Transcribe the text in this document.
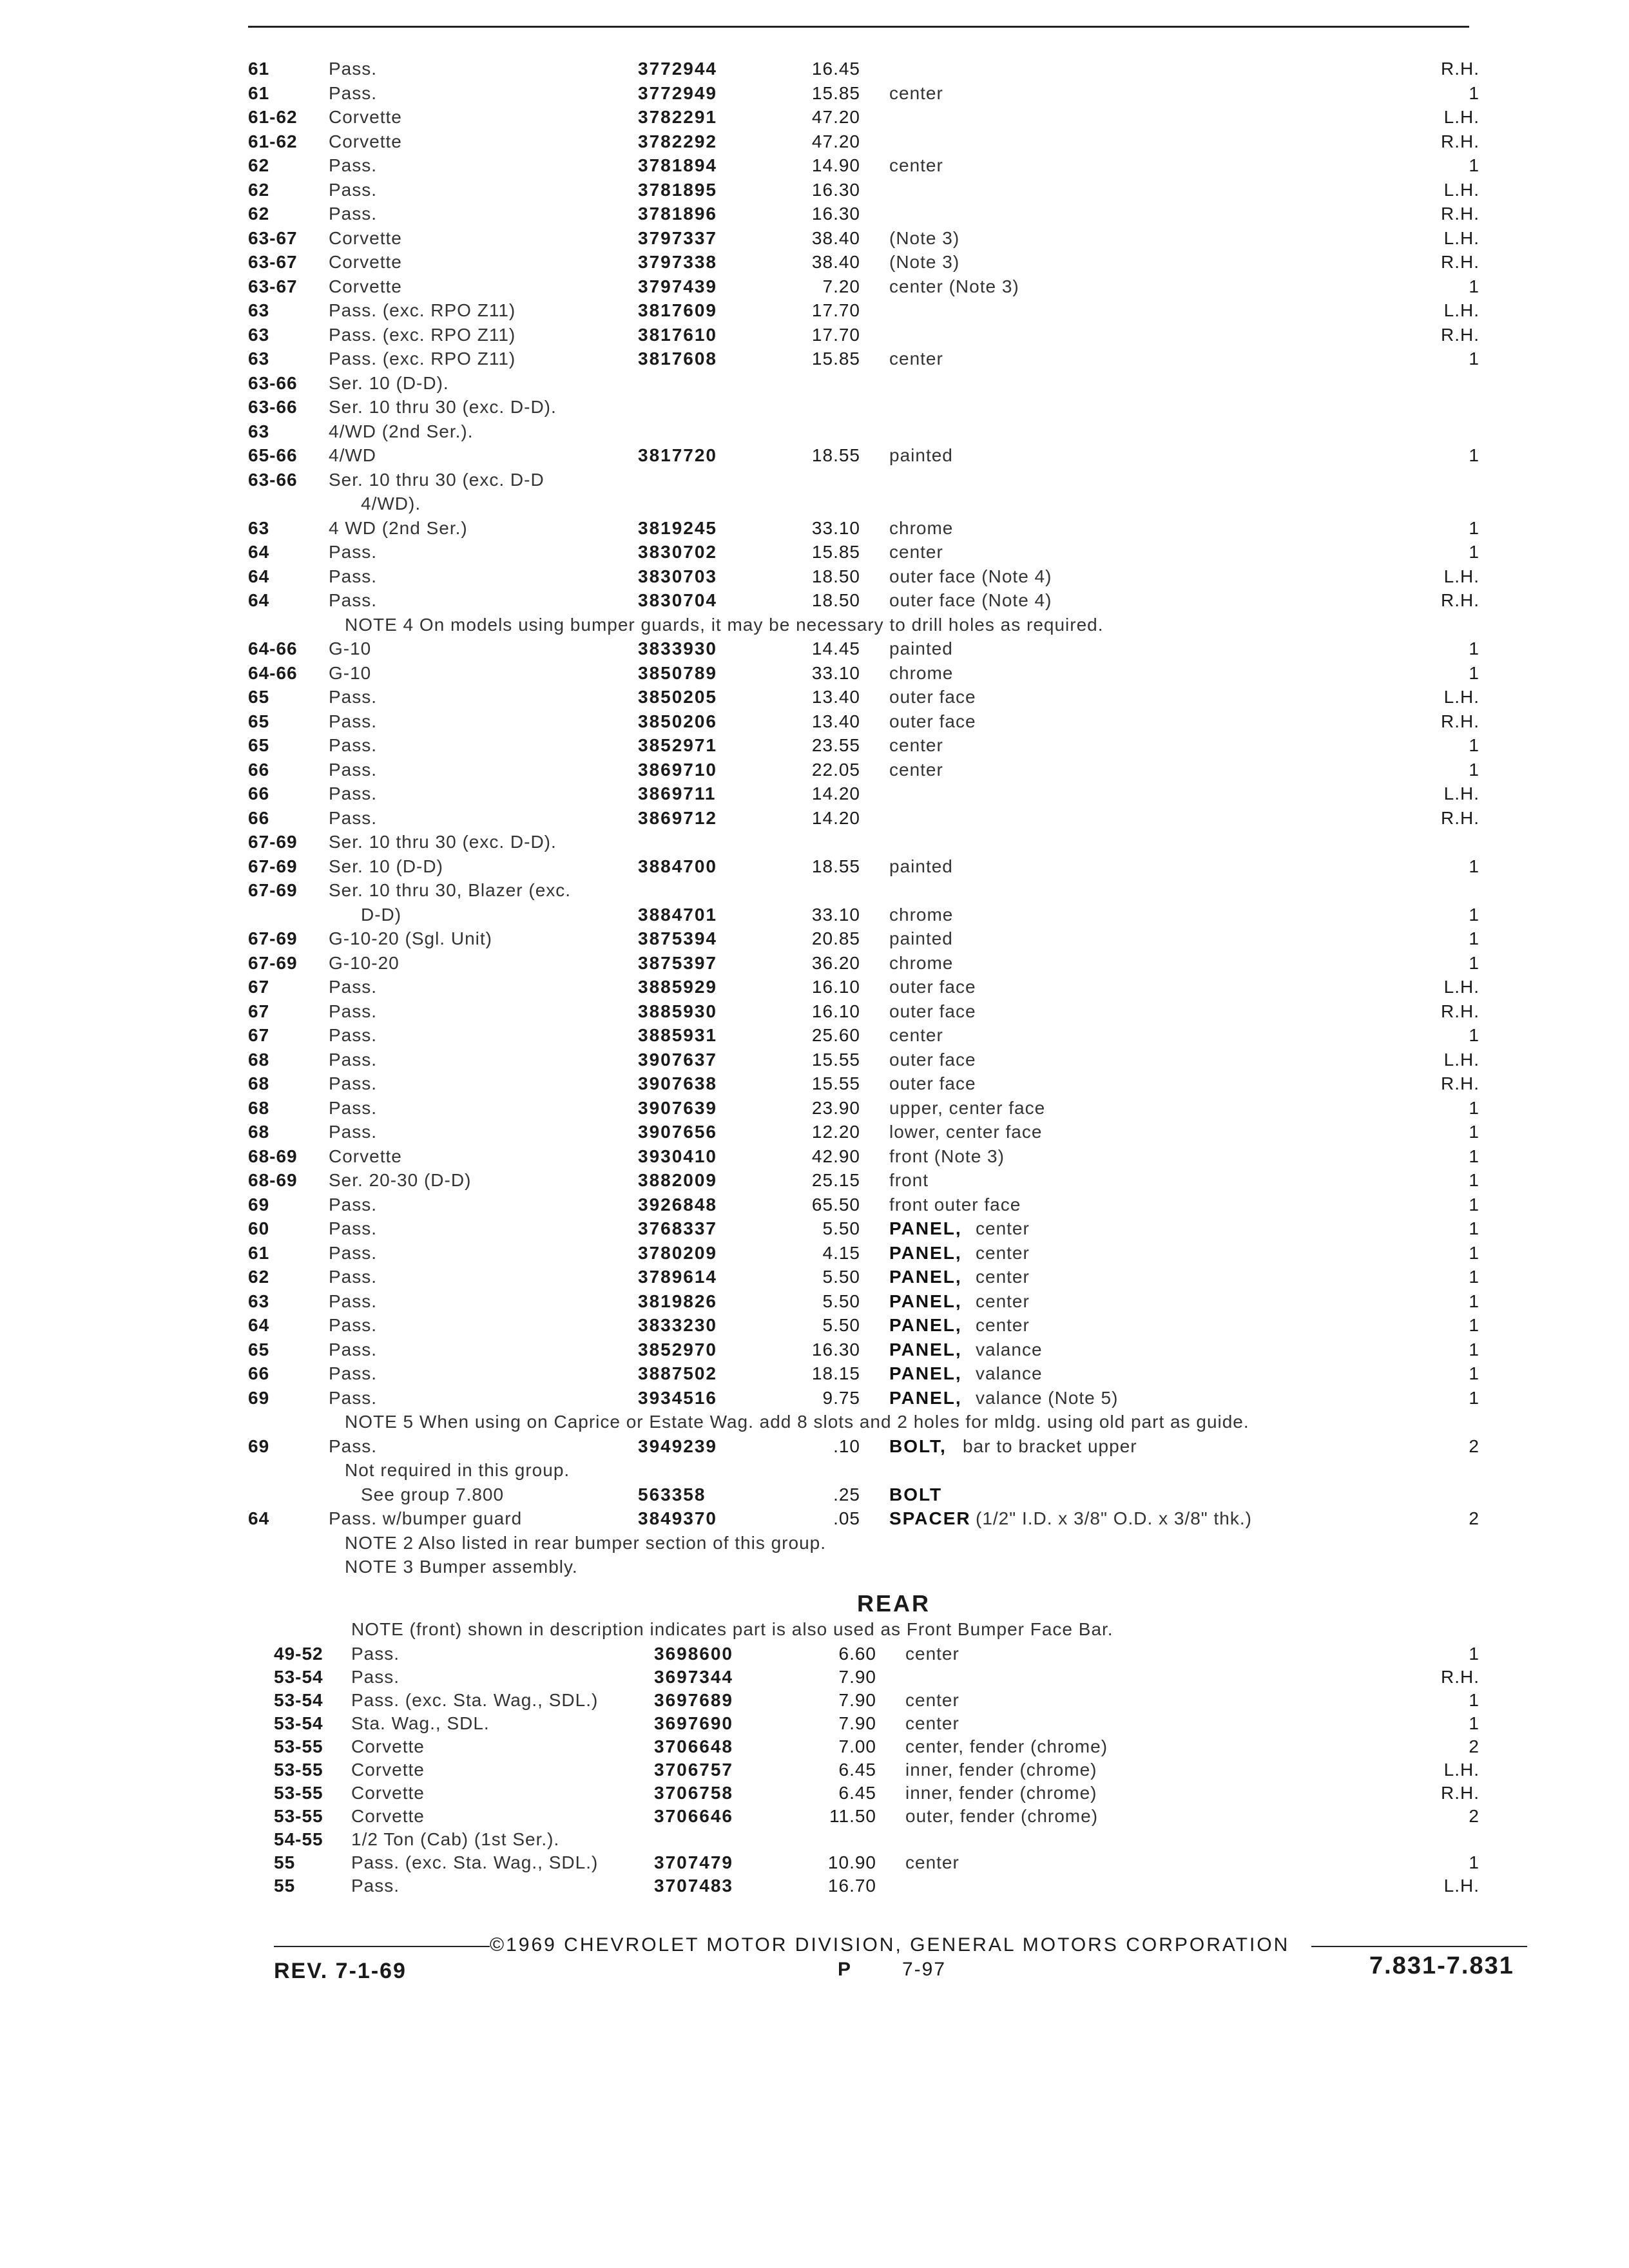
61	Pass.	3772944	16.45	R.H.
61	Pass.	3772949	15.85 center	1
61-62 Corvette	3782291	47.20	L.H.
61-62 Corvette	3782292	47.20	R.H.
62	Pass.	3781894	14.90 center	1
62	Pass.	3781895	16.30	L.H.
62	Pass.	3781896	16.30	R.H.
63-67 Corvette	3797337	38.40 (Note 3)	L.H.
63-67 Corvette	3797338	38.40 (Note 3)	R.H.
63-67 Corvette	3797439	7.20 center (Note 3)	1
63	Pass. (exc. RPO Z11)	3817609	17.70	L.H.
63	Pass. (exc. RPO Z11)	3817610	17.70	R.H.
63	Pass. (exc. RPO Z11)	3817608	15.85 center	1
63-66 Ser. 10 (D-D).
63-66 Ser. 10 thru 30 (exc. D-D).
63	4/WD (2nd Ser.).
65-66 4/WD	3817720	18.55 painted	1
63-66 Ser. 10 thru 30 (exc. D-D
4/WD).
63	4 WD (2nd Ser.)	3819245	33.10 chrome	1
64	Pass.	3830702	15.85 center	1
64	Pass.	3830703	18.50 outer face (Note 4)	L.H.
64	Pass.	3830704	18.50 outer face (Note 4)	R.H.
NOTE 4 On models using bumper guards, it may be necessary to drill holes as required.
64-66 G-10	3833930	14.45 painted	1
64-66 G-10	3850789	33.10 chrome	1
65	Pass.	3850205	13.40 outer face	L.H.
65	Pass.	3850206	13.40 outer face	R.H.
65	Pass.	3852971	23.55 center	1
66	Pass.	3869710	22.05 center	1
66	Pass.	3869711	14.20	L.H.
66	Pass.	3869712	14.20	R.H.
67-69 Ser. 10 thru 30 (exc. D-D).
67-69 Ser. 10 (D-D)	3884700	18.55 painted	1
67-69 Ser. 10 thru 30, Blazer (exc.
D-D)	3884701	33.10 chrome	1
67-69 G-10-20 (Sgl. Unit)	3875394	20.85 painted	1
67-69 G-10-20	3875397	36.20 chrome	1
67	Pass.	3885929	16.10 outer face	L.H.
67	Pass.	3885930	16.10 outer face	R.H.
67	Pass.	3885931	25.60 center	1
68	Pass.	3907637	15.55 outer face	L.H.
68	Pass.	3907638	15.55 outer face	R.H.
68	Pass.	3907639	23.90 upper, center face	1
68	Pass.	3907656	12.20 lower, center face	1
68-69 Corvette	3930410	42.90 front (Note 3)	1
68-69 Ser. 20-30 (D-D)	3882009	25.15 front	1
69	Pass.	3926848	65.50 front outer face	1
60	Pass.	3768337	5.50 PANEL, center	1
61	Pass.	3780209	4.15 PANEL, center	1
62	Pass.	3789614	5.50 PANEL, center	1
63	Pass.	3819826	5.50 PANEL, center	1
64	Pass.	3833230	5.50 PANEL, center	1
65	Pass.	3852970	16.30 PANEL, valance	1
66	Pass.	3887502	18.15 PANEL, valance	1
69	Pass.	3934516	9.75 PANEL, valance (Note 5)	1
NOTE 5 When using on Caprice or Estate Wag. add 8 slots and 2 holes for mldg. using old part as guide.
69	Pass.	3949239	.10 BOLT, bar to bracket upper	2
Not required in this group.
See group 7.800	563358	.25 BOLT
64	Pass. w/bumper guard	3849370	.05 SPACER (1/2" I.D. x 3/8" O.D. x 3/8" thk.)	2
NOTE 2 Also listed in rear bumper section of this group.
NOTE 3 Bumper assembly.
49-52 Pass.	3698600	6.60 center	1
53-54 Pass.	3697344	7.90	R.H.
53-54 Pass. (exc. Sta. Wag., SDL.)	3697689	7.90 center	1
53-54 Sta. Wag., SDL.	3697690	7.90 center	1
53-55 Corvette	3706648	7.00 center, fender (chrome)	2
53-55 Corvette	3706757	6.45 inner, fender (chrome)	L.H.
53-55 Corvette	3706758	6.45 inner, fender (chrome)	R.H.
53-55 Corvette	3706646	11.50 outer, fender (chrome)	2
54-55 1/2 Ton (Cab) (1st Ser.).
55	Pass. (exc. Sta. Wag., SDL.)	3707479	10.90 center	1
55	Pass.	3707483	16.70	L.H.
REAR
NOTE (front) shown in description indicates part is also used as Front Bumper Face Bar.
©1969 CHEVROLET MOTOR DIVISION, GENERAL MOTORS CORPORATION
REV. 7-1-69	P	7-97	7.831-7.831
